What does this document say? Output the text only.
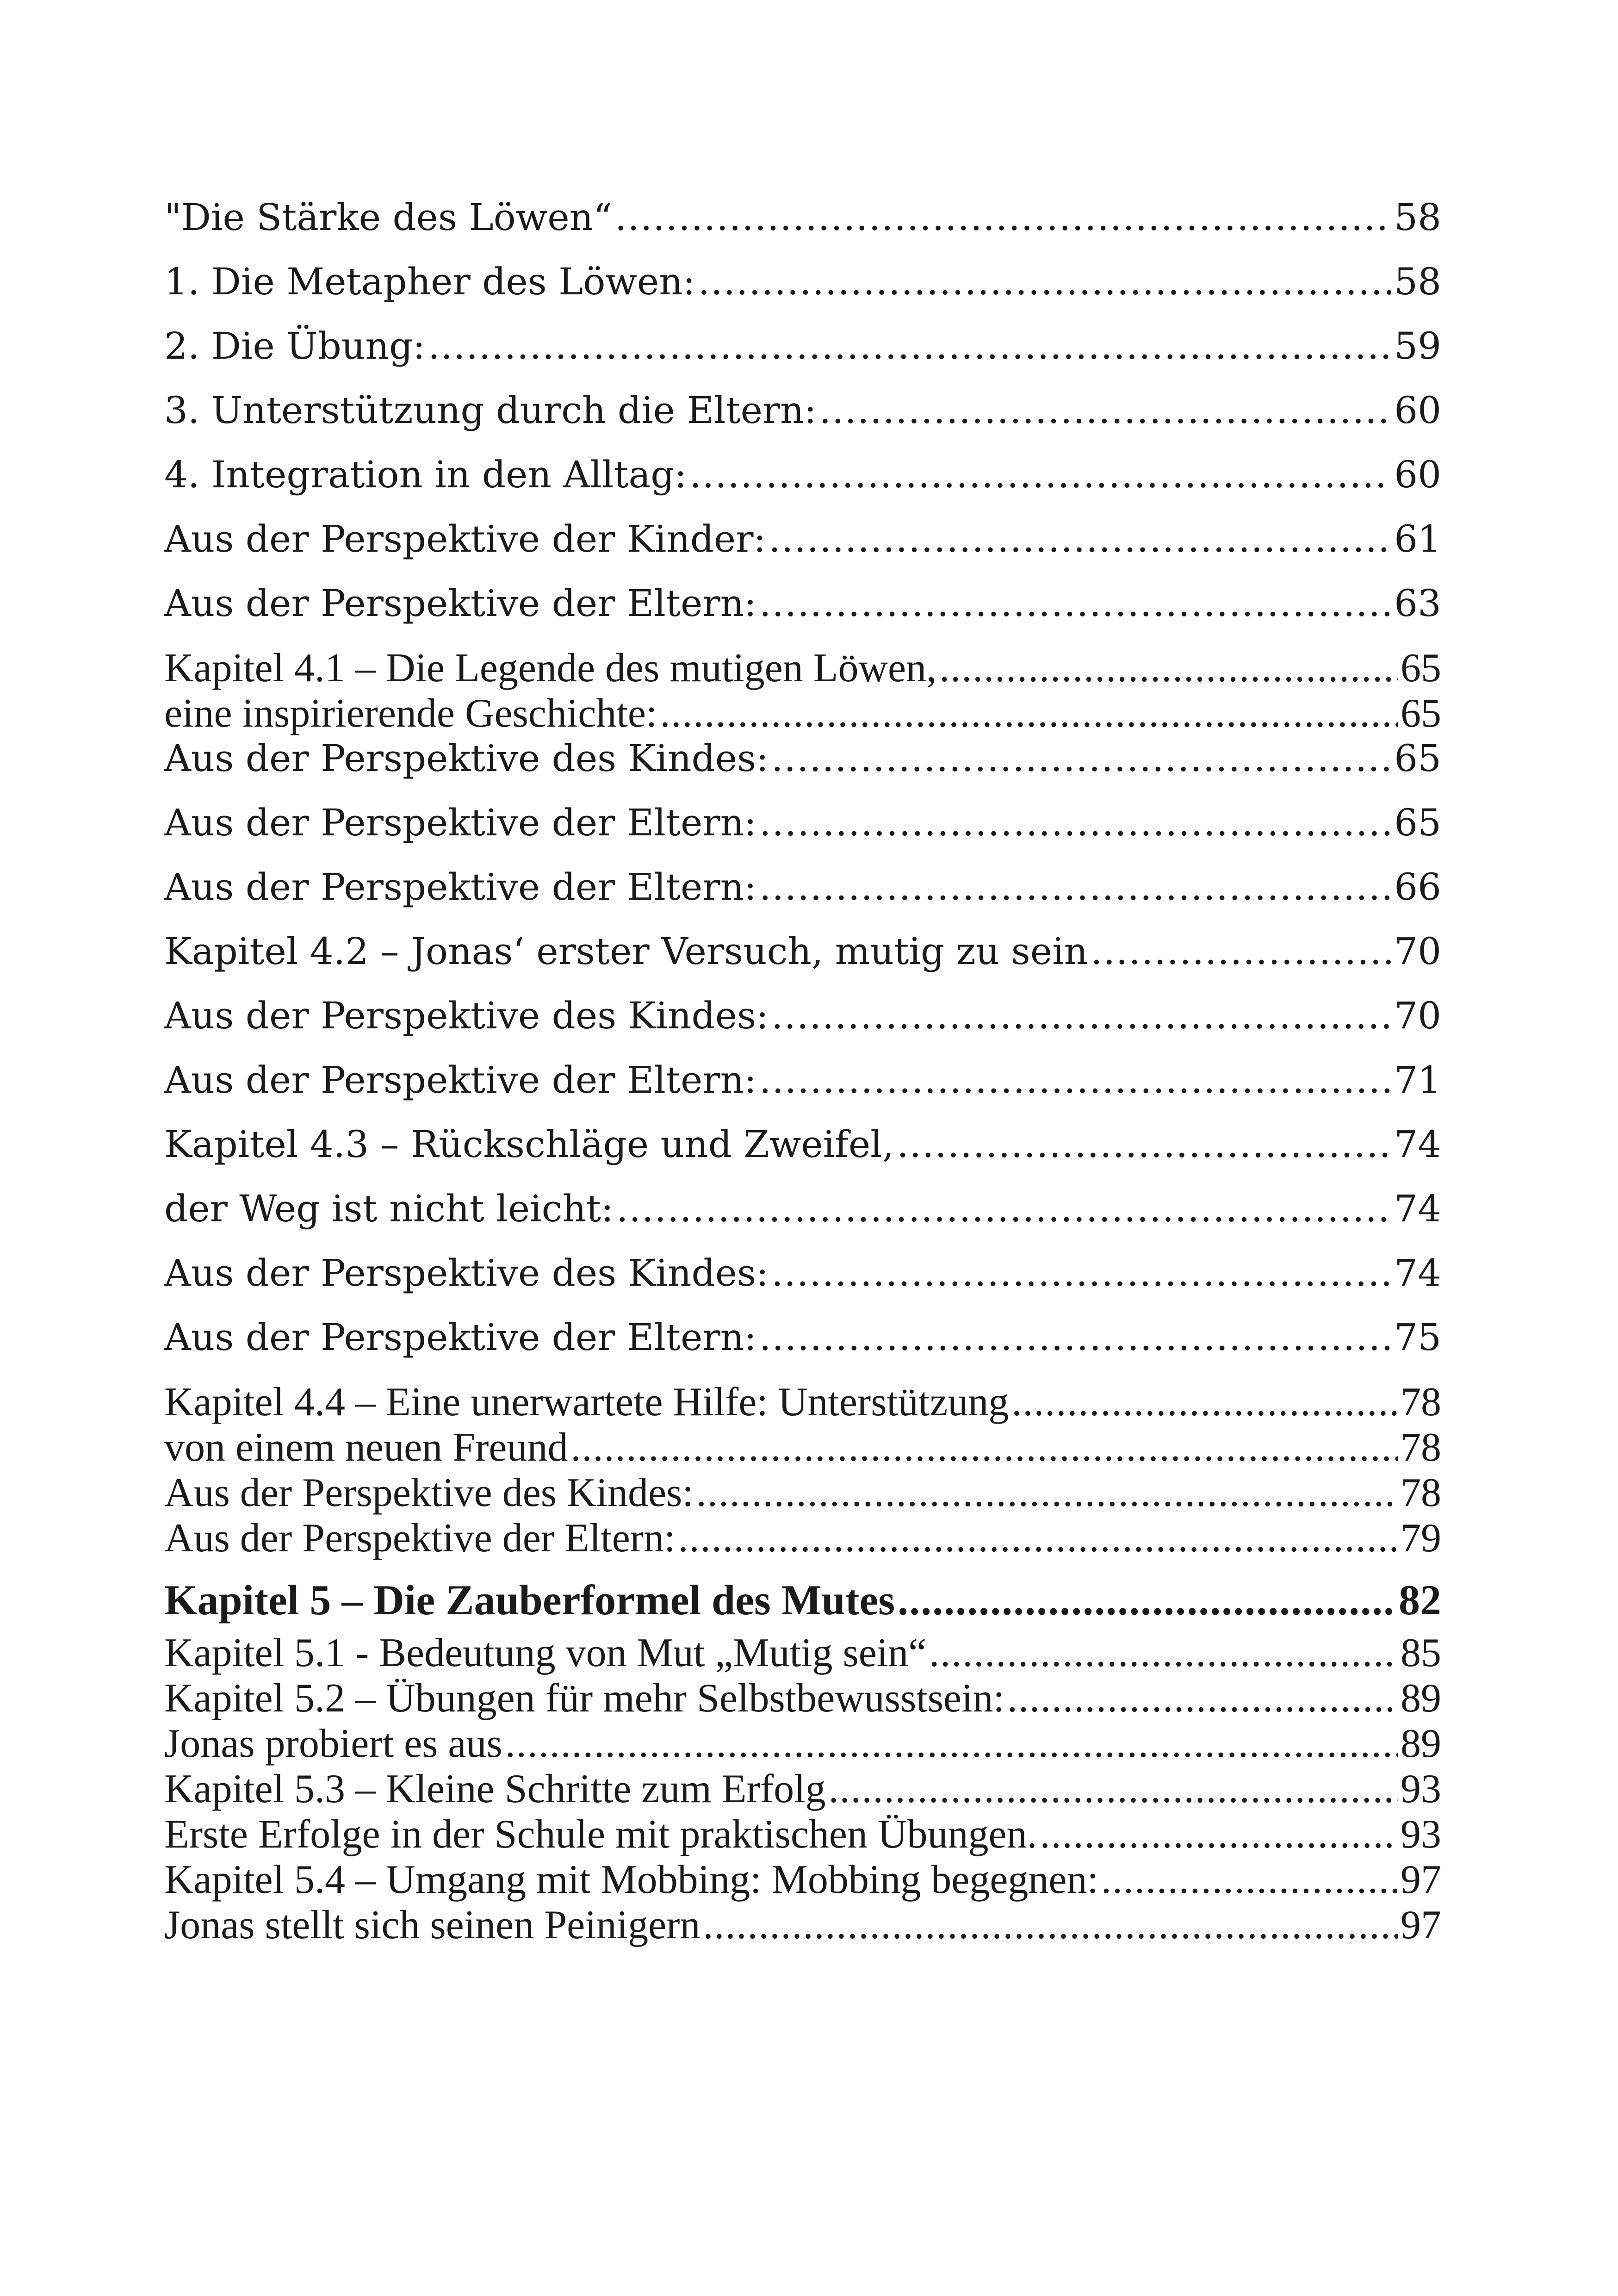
"Die Stärke des Löwen“ .....	58
1. Die Metapher des Löwen: .....	58
2. Die Übung: .....	59
3. Unterstützung durch die Eltern: .....	60
4. Integration in den Alltag: .....	60
Aus der Perspektive der Kinder: .....	61
Aus der Perspektive der Eltern: .....	63
Kapitel 4.1 – Die Legende des mutigen Löwen, .....	65
eine inspirierende Geschichte: .....	65
Aus der Perspektive des Kindes: .....	65
Aus der Perspektive der Eltern: .....	65
Aus der Perspektive der Eltern: .....	66
Kapitel 4.2 – Jonas‘ erster Versuch, mutig zu sein .....	70
Aus der Perspektive des Kindes: .....	70
Aus der Perspektive der Eltern: .....	71
Kapitel 4.3 – Rückschläge und Zweifel, .....	74
der Weg ist nicht leicht: .....	74
Aus der Perspektive des Kindes: .....	74
Aus der Perspektive der Eltern: .....	75
Kapitel 4.4 – Eine unerwartete Hilfe: Unterstützung .....	78
von einem neuen Freund .....	78
Aus der Perspektive des Kindes: .....	78
Aus der Perspektive der Eltern: .....	79
Kapitel 5 – Die Zauberformel des Mutes .....	82
Kapitel 5.1 - Bedeutung von Mut „Mutig sein“ .....	85
Kapitel 5.2 – Übungen für mehr Selbstbewusstsein: .....	89
Jonas probiert es aus .....	89
Kapitel 5.3 – Kleine Schritte zum Erfolg .....	93
Erste Erfolge in der Schule mit praktischen Übungen. .....	93
Kapitel 5.4 – Umgang mit Mobbing: Mobbing begegnen: .....	97
Jonas stellt sich seinen Peinigern .....	97
